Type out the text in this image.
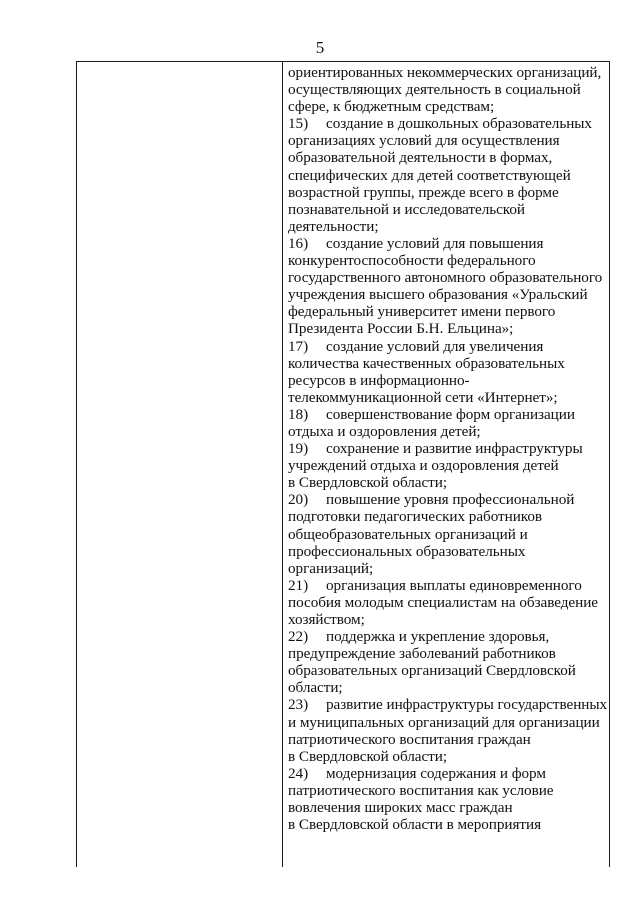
5
ориентированных некоммерческих организаций,
осуществляющих деятельность в социальной
сфере, к бюджетным средствам;
15) создание в дошкольных образовательных
организациях условий для осуществления
образовательной деятельности в формах,
специфических для детей соответствующей
возрастной группы, прежде всего в форме
познавательной и исследовательской
деятельности;
16) создание условий для повышения
конкурентоспособности федерального
государственного автономного образовательного
учреждения высшего образования «Уральский
федеральный университет имени первого
Президента России Б.Н. Ельцина»;
17) создание условий для увеличения
количества качественных образовательных
ресурсов в информационно-
телекоммуникационной сети «Интернет»;
18) совершенствование форм организации
отдыха и оздоровления детей;
19) сохранение и развитие инфраструктуры
учреждений отдыха и оздоровления детей
в Свердловской области;
20) повышение уровня профессиональной
подготовки педагогических работников
общеобразовательных организаций и
профессиональных образовательных
организаций;
21) организация выплаты единовременного
пособия молодым специалистам на обзаведение
хозяйством;
22) поддержка и укрепление здоровья,
предупреждение заболеваний работников
образовательных организаций Свердловской
области;
23) развитие инфраструктуры государственных
и муниципальных организаций для организации
патриотического воспитания граждан
в Свердловской области;
24) модернизация содержания и форм
патриотического воспитания как условие
вовлечения широких масс граждан
в Свердловской области в мероприятия
